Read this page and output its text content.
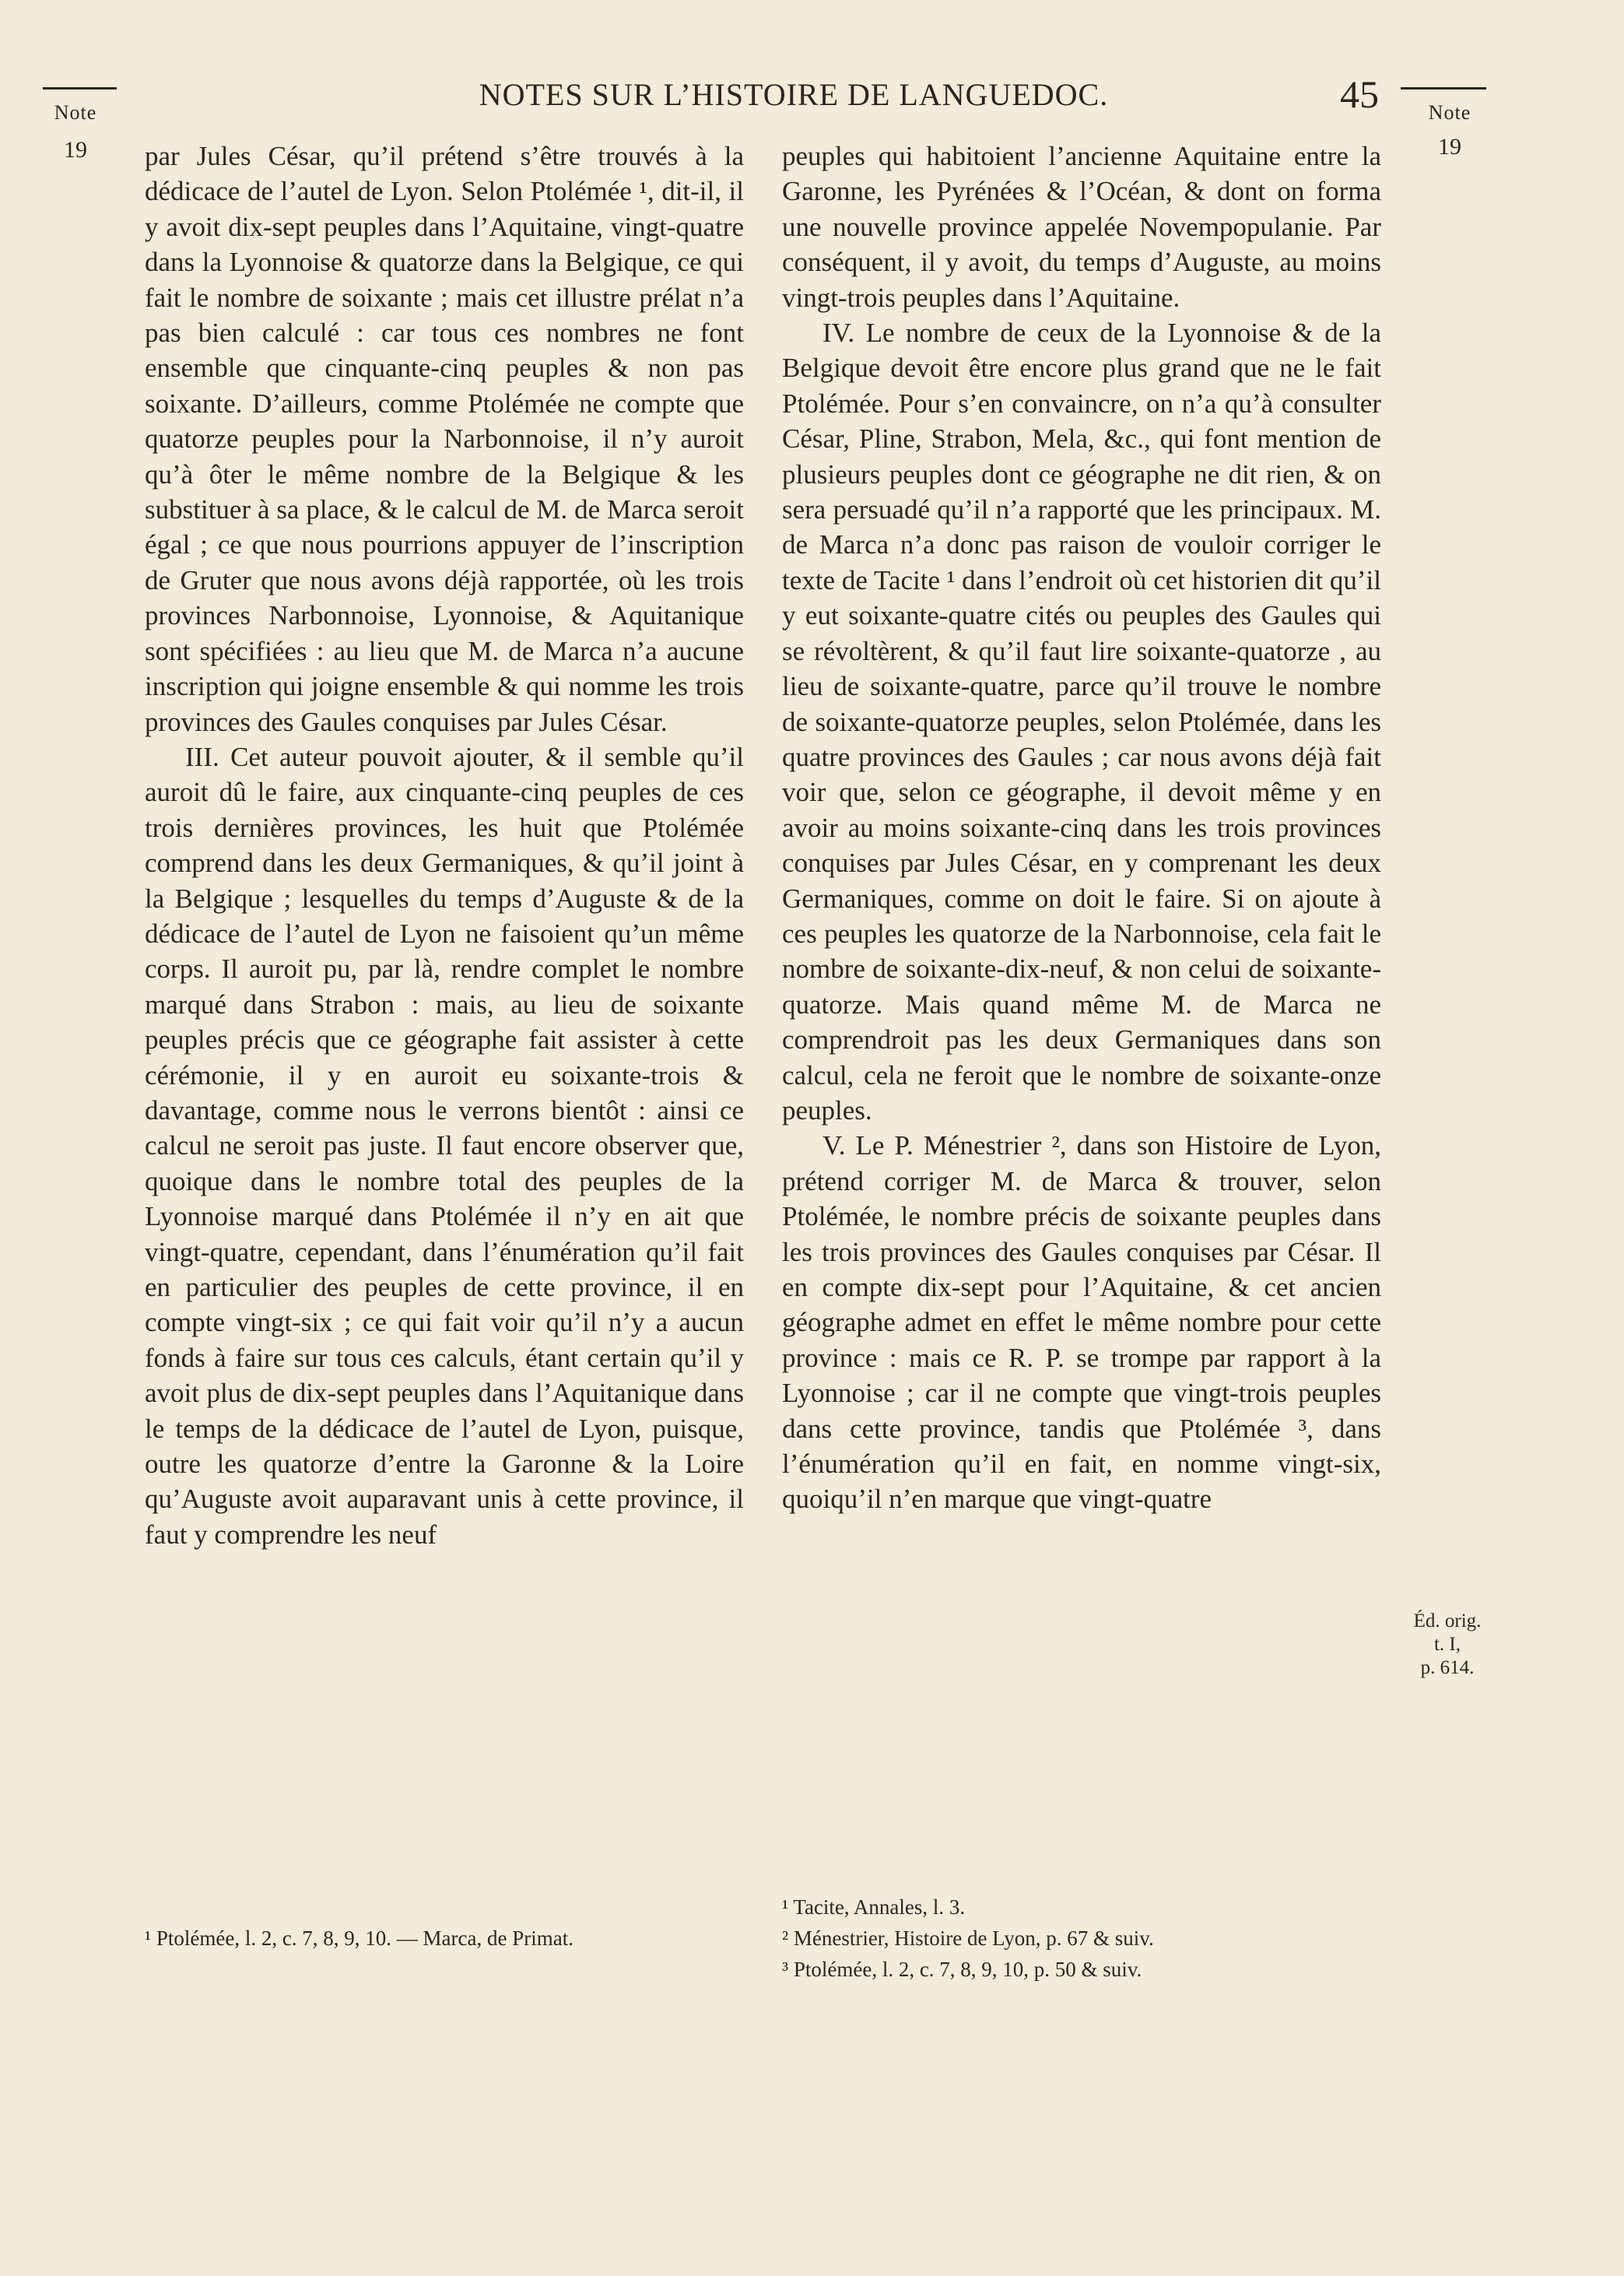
Note
19
NOTES SUR L’HISTOIRE DE LANGUEDOC.	45	Note
19

par Jules César, qu’il prétend s’être trouvés à la dédicace de l’autel de Lyon. Selon Ptolémée ¹, dit-il, il y avoit dix-sept peuples dans l’Aquitaine, vingt-quatre dans la Lyonnoise & quatorze dans la Belgique, ce qui fait le nombre de soixante ; mais cet illustre prélat n’a pas bien calculé : car tous ces nombres ne font ensemble que cinquante-cinq peuples & non pas soixante. D’ailleurs, comme Ptolémée ne compte que quatorze peuples pour la Narbonnoise, il n’y auroit qu’à ôter le même nombre de la Belgique & les substituer à sa place, & le calcul de M. de Marca seroit égal ; ce que nous pourrions appuyer de l’inscription de Gruter que nous avons déjà rapportée, où les trois provinces Narbonnoise, Lyonnoise, & Aquitanique sont spécifiées : au lieu que M. de Marca n’a aucune inscription qui joigne ensemble & qui nomme les trois provinces des Gaules conquises par Jules César.

III. Cet auteur pouvoit ajouter, & il semble qu’il auroit dû le faire, aux cinquante-cinq peuples de ces trois dernières provinces, les huit que Ptolémée comprend dans les deux Germaniques, & qu’il joint à la Belgique ; lesquelles du temps d’Auguste & de la dédicace de l’autel de Lyon ne faisoient qu’un même corps. Il auroit pu, par là, rendre complet le nombre marqué dans Strabon : mais, au lieu de soixante peuples précis que ce géographe fait assister à cette cérémonie, il y en auroit eu soixante-trois & davantage, comme nous le verrons bientôt : ainsi ce calcul ne seroit pas juste. Il faut encore observer que, quoique dans le nombre total des peuples de la Lyonnoise marqué dans Ptolémée il n’y en ait que vingt-quatre, cependant, dans l’énumération qu’il fait en particulier des peuples de cette province, il en compte vingt-six ; ce qui fait voir qu’il n’y a aucun fonds à faire sur tous ces calculs, étant certain qu’il y avoit plus de dix-sept peuples dans l’Aquitanique dans le temps de la dédicace de l’autel de Lyon, puisque, outre les quatorze d’entre la Garonne & la Loire qu’Auguste avoit auparavant unis à cette province, il faut y comprendre les neuf

peuples qui habitoient l’ancienne Aquitaine entre la Garonne, les Pyrénées & l’Océan, & dont on forma une nouvelle province appelée Novempopulanie. Par conséquent, il y avoit, du temps d’Auguste, au moins vingt-trois peuples dans l’Aquitaine.

IV. Le nombre de ceux de la Lyonnoise & de la Belgique devoit être encore plus grand que ne le fait Ptolémée. Pour s’en convaincre, on n’a qu’à consulter César, Pline, Strabon, Mela, &c., qui font mention de plusieurs peuples dont ce géographe ne dit rien, & on sera persuadé qu’il n’a rapporté que les principaux. M. de Marca n’a donc pas raison de vouloir corriger le texte de Tacite ¹ dans l’endroit où cet historien dit qu’il y eut soixante-quatre cités ou peuples des Gaules qui se révoltèrent, & qu’il faut lire soixante-quatorze , au lieu de soixante-quatre, parce qu’il trouve le nombre de soixante-quatorze peuples, selon Ptolémée, dans les quatre provinces des Gaules ; car nous avons déjà fait voir que, selon ce géographe, il devoit même y en avoir au moins soixante-cinq dans les trois provinces conquises par Jules César, en y comprenant les deux Germaniques, comme on doit le faire. Si on ajoute à ces peuples les quatorze de la Narbonnoise, cela fait le nombre de soixante-dix-neuf, & non celui de soixante-quatorze. Mais quand même M. de Marca ne comprendroit pas les deux Germaniques dans son calcul, cela ne feroit que le nombre de soixante-onze peuples.

V. Le P. Ménestrier ², dans son Histoire de Lyon, prétend corriger M. de Marca & trouver, selon Ptolémée, le nombre précis de soixante peuples dans les trois provinces des Gaules conquises par César. Il en compte dix-sept pour l’Aquitaine, & cet ancien géographe admet en effet le même nombre pour cette province : mais ce R. P. se trompe par rapport à la Lyonnoise ; car il ne compte que vingt-trois peuples dans cette province, tandis que Ptolémée ³, dans l’énumération qu’il en fait, en nomme vingt-six, quoiqu’il n’en marque que vingt-quatre

Éd. orig.
t. I,
p. 614.

¹ Ptolémée, l. 2, c. 7, 8, 9, 10. — Marca, de Primat.

¹ Tacite, Annales, l. 3.

² Ménestrier, Histoire de Lyon, p. 67 & suiv.

³ Ptolémée, l. 2, c. 7, 8, 9, 10, p. 50 & suiv.
